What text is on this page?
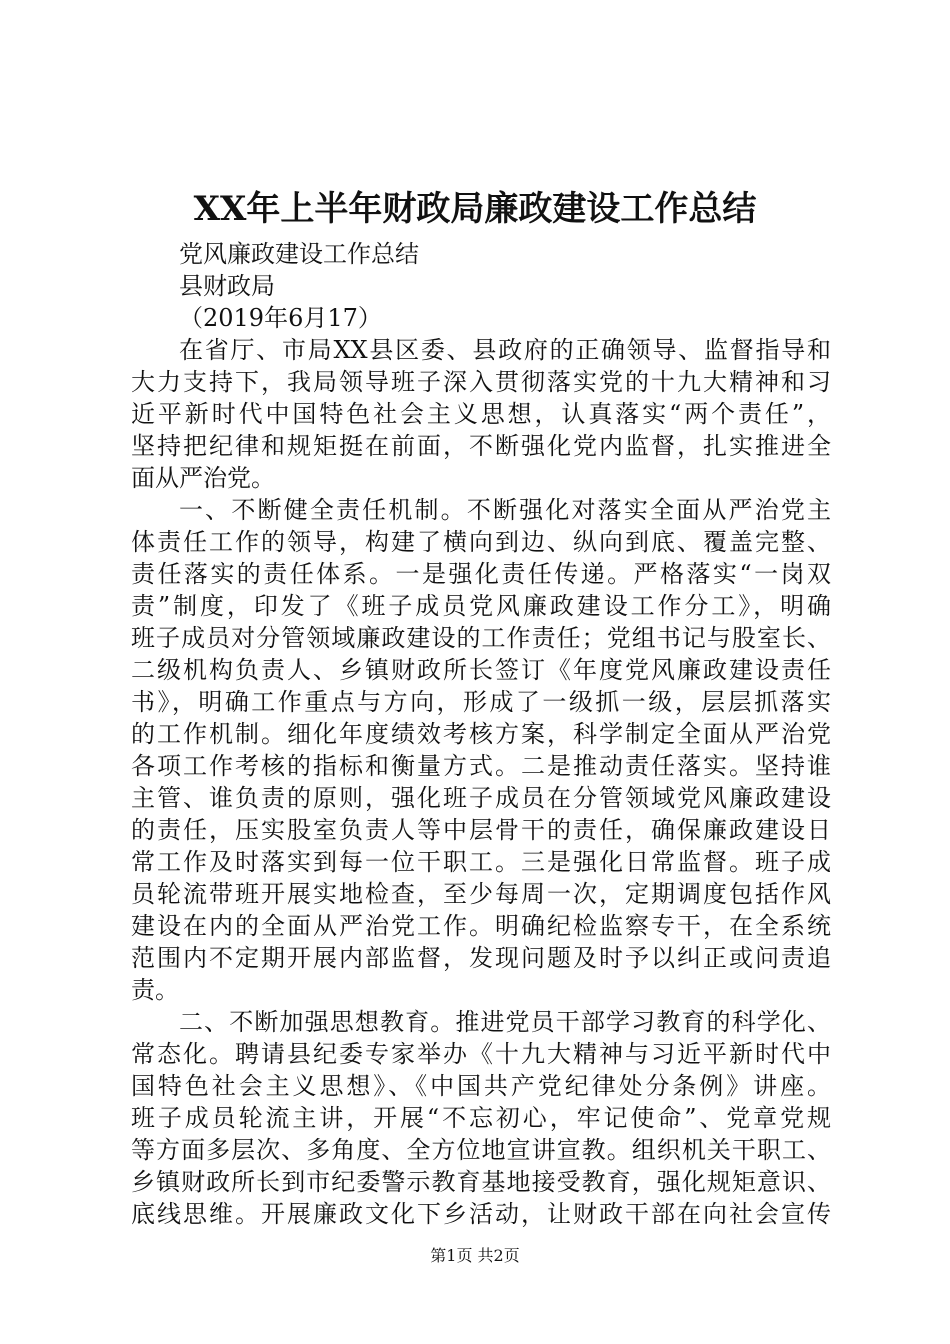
XX年上半年财政局廉政建设工作总结
党风廉政建设工作总结
县财政局
（2019年6月17）
在省厅、市局XX县区委、县政府的正确领导、监督指导和
大力支持下，我局领导班子深入贯彻落实党的十九大精神和习
近平新时代中国特色社会主义思想，认真落实“两个责任”，
坚持把纪律和规矩挺在前面，不断强化党内监督，扎实推进全
面从严治党。
一、不断健全责任机制。不断强化对落实全面从严治党主
体责任工作的领导，构建了横向到边、纵向到底、覆盖完整、
责任落实的责任体系。一是强化责任传递。严格落实“一岗双
责”制度，印发了《班子成员党风廉政建设工作分工》，明确
班子成员对分管领域廉政建设的工作责任；党组书记与股室长、
二级机构负责人、乡镇财政所长签订《年度党风廉政建设责任
书》，明确工作重点与方向，形成了一级抓一级，层层抓落实
的工作机制。细化年度绩效考核方案，科学制定全面从严治党
各项工作考核的指标和衡量方式。二是推动责任落实。坚持谁
主管、谁负责的原则，强化班子成员在分管领域党风廉政建设
的责任，压实股室负责人等中层骨干的责任，确保廉政建设日
常工作及时落实到每一位干职工。三是强化日常监督。班子成
员轮流带班开展实地检查，至少每周一次，定期调度包括作风
建设在内的全面从严治党工作。明确纪检监察专干，在全系统
范围内不定期开展内部监督，发现问题及时予以纠正或问责追
责。
二、不断加强思想教育。推进党员干部学习教育的科学化、
常态化。聘请县纪委专家举办《十九大精神与习近平新时代中
国特色社会主义思想》、《中国共产党纪律处分条例》讲座。
班子成员轮流主讲，开展“不忘初心，牢记使命”、党章党规
等方面多层次、多角度、全方位地宣讲宣教。组织机关干职工、
乡镇财政所长到市纪委警示教育基地接受教育，强化规矩意识、
底线思维。开展廉政文化下乡活动，让财政干部在向社会宣传
第1页 共2页
